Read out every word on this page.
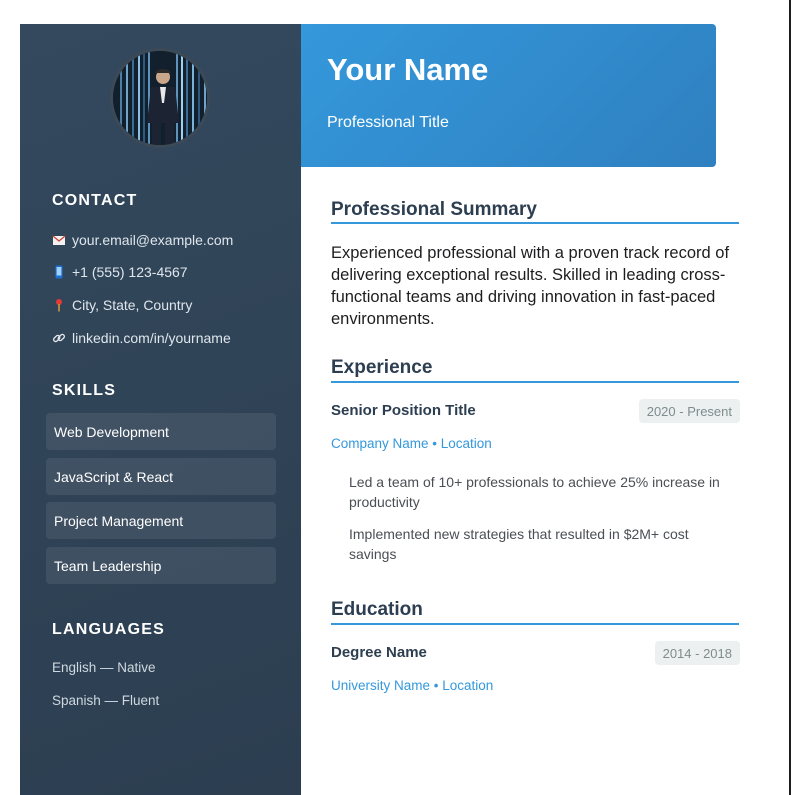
CONTACT
your.email@example.com
+1 (555) 123-4567
City, State, Country
linkedin.com/in/yourname
SKILLS
Web Development
JavaScript & React
Project Management
Team Leadership
LANGUAGES
English — Native
Spanish — Fluent
Your Name
Professional Title
Professional Summary

Experienced professional with a proven track record of delivering exceptional results. Skilled in leading cross-functional teams and driving innovation in fast-paced environments.

Experience
Senior Position Title	2020 - Present
Company Name • Location
Led a team of 10+ professionals to achieve 25% increase in productivity
Implemented new strategies that resulted in $2M+ cost savings
Education
Degree Name	2014 - 2018
University Name • Location
